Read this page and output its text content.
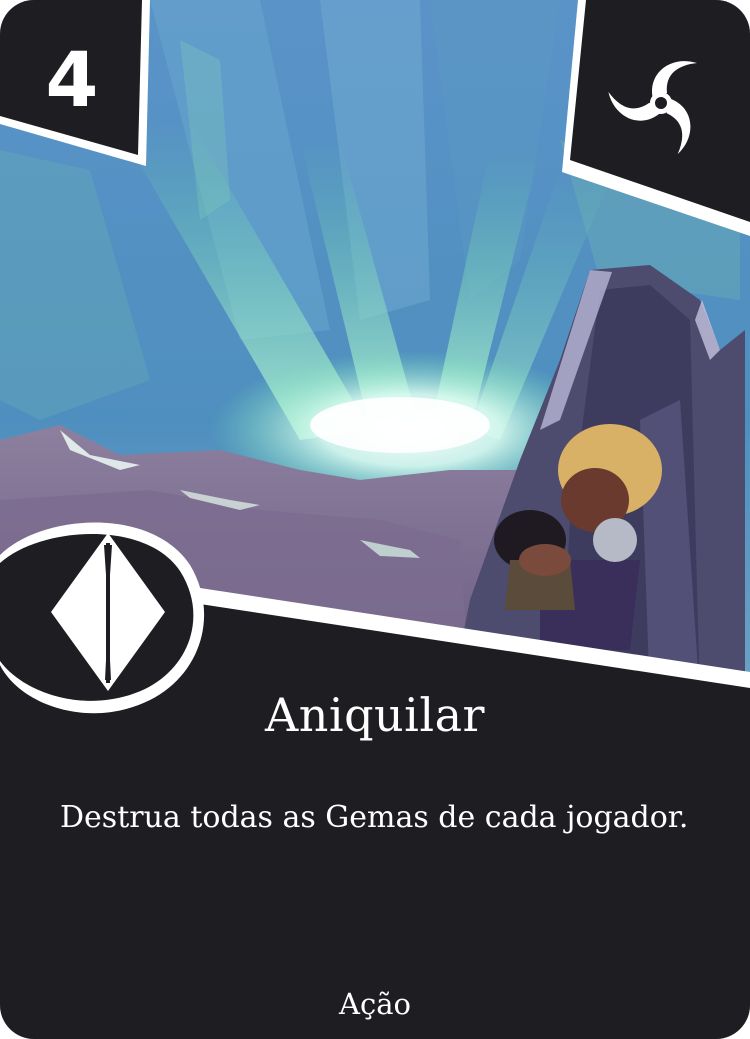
4
Aniquilar
Destrua todas as Gemas de cada jogador.
Ação
